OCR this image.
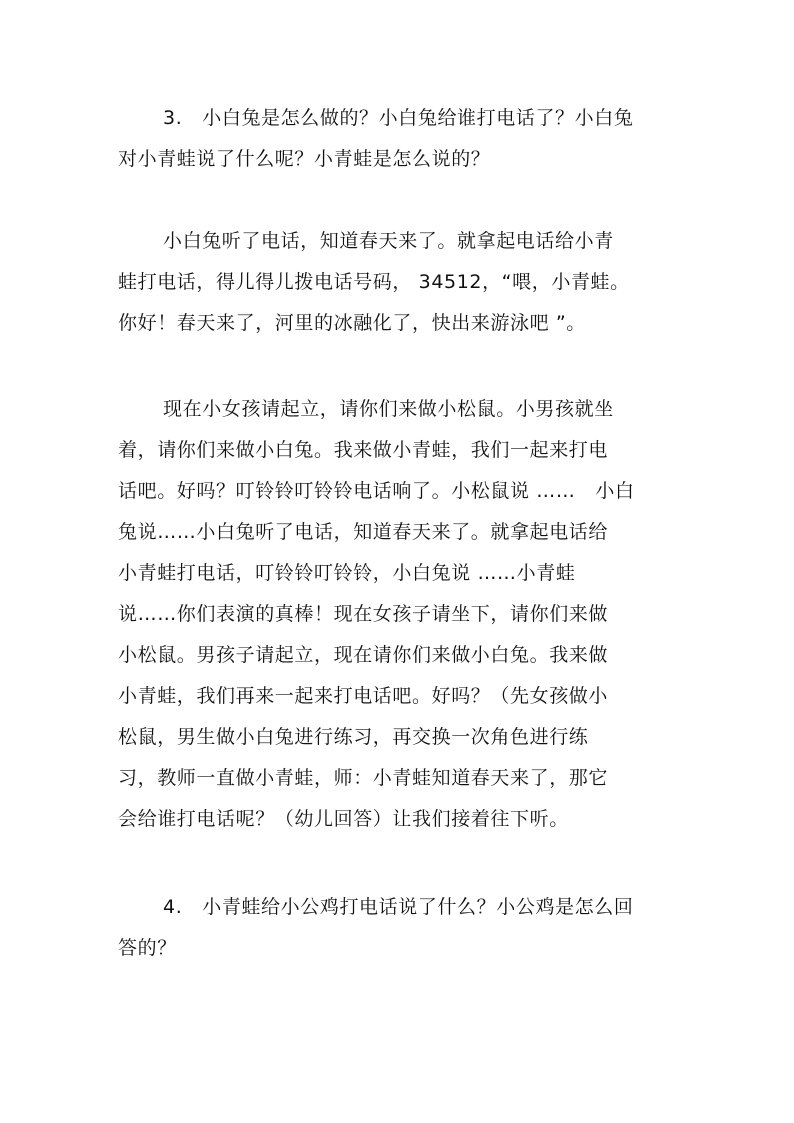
3.   小白兔是怎么做的？小白兔给谁打电话了？小白兔
对小青蛙说了什么呢？小青蛙是怎么说的？
小白兔听了电话，知道春天来了。就拿起电话给小青
蛙打电话，得儿得儿拨电话号码， 34512，“喂，小青蛙。
你好！春天来了，河里的冰融化了，快出来游泳吧 ”。
现在小女孩请起立，请你们来做小松鼠。小男孩就坐
着，请你们来做小白兔。我来做小青蛙，我们一起来打电
话吧。好吗？叮铃铃叮铃铃电话响了。小松鼠说 ……   小白
兔说……小白兔听了电话，知道春天来了。就拿起电话给
小青蛙打电话，叮铃铃叮铃铃，小白兔说 ……小青蛙
说……你们表演的真棒！现在女孩子请坐下，请你们来做
小松鼠。男孩子请起立，现在请你们来做小白兔。我来做
小青蛙，我们再来一起来打电话吧。好吗？（先女孩做小
松鼠，男生做小白兔进行练习，再交换一次角色进行练
习，教师一直做小青蛙，师：小青蛙知道春天来了，那它
会给谁打电话呢？（幼儿回答）让我们接着往下听。
4.   小青蛙给小公鸡打电话说了什么？小公鸡是怎么回
答的？
